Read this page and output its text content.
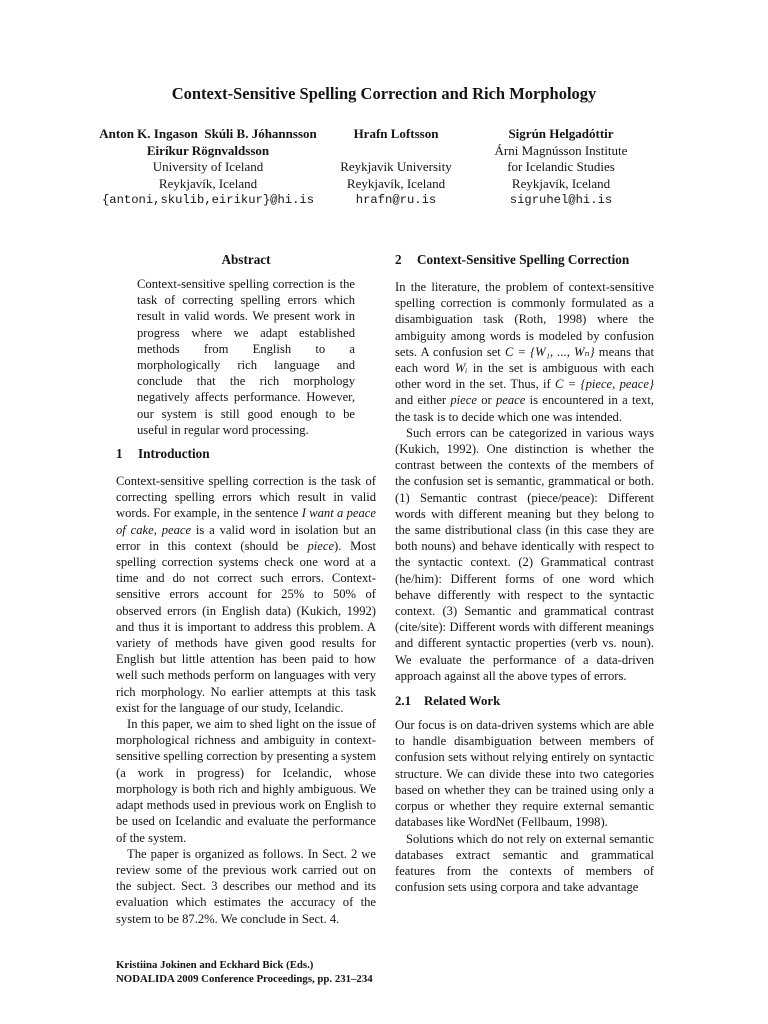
Context-Sensitive Spelling Correction and Rich Morphology
Anton K. Ingason  Skúli B. Jóhannsson
Eiríkur Rögnvaldsson
University of Iceland
Reykjavík, Iceland
{antoni,skulib,eirikur}@hi.is
Hrafn Loftsson
Reykjavik University
Reykjavík, Iceland
hrafn@ru.is
Sigrún Helgadóttir
Árni Magnússon Institute
for Icelandic Studies
Reykjavík, Iceland
sigruhel@hi.is
Abstract

Context-sensitive spelling correction is the task of correcting spelling errors which result in valid words. We present work in progress where we adapt established methods from English to a morphologically rich language and conclude that the rich morphology negatively affects performance. However, our system is still good enough to be useful in regular word processing.

1 Introduction

Context-sensitive spelling correction is the task of correcting spelling errors which result in valid words. For example, in the sentence I want a peace of cake, peace is a valid word in isolation but an error in this context (should be piece). Most spelling correction systems check one word at a time and do not correct such errors. Context-sensitive errors account for 25% to 50% of observed errors (in English data) (Kukich, 1992) and thus it is important to address this problem. A variety of methods have given good results for English but little attention has been paid to how well such methods perform on languages with very rich morphology. No earlier attempts at this task exist for the language of our study, Icelandic.

In this paper, we aim to shed light on the issue of morphological richness and ambiguity in context-sensitive spelling correction by presenting a system (a work in progress) for Icelandic, whose morphology is both rich and highly ambiguous. We adapt methods used in previous work on English to be used on Icelandic and evaluate the performance of the system.

The paper is organized as follows. In Sect. 2 we review some of the previous work carried out on the subject. Sect. 3 describes our method and its evaluation which estimates the accuracy of the system to be 87.2%. We conclude in Sect. 4.

2 Context-Sensitive Spelling Correction

In the literature, the problem of context-sensitive spelling correction is commonly formulated as a disambiguation task (Roth, 1998) where the ambiguity among words is modeled by confusion sets. A confusion set C = {W₁, ..., Wₙ} means that each word Wᵢ in the set is ambiguous with each other word in the set. Thus, if C = {piece, peace} and either piece or peace is encountered in a text, the task is to decide which one was intended.

Such errors can be categorized in various ways (Kukich, 1992). One distinction is whether the contrast between the contexts of the members of the confusion set is semantic, grammatical or both. (1) Semantic contrast (piece/peace): Different words with different meaning but they belong to the same distributional class (in this case they are both nouns) and behave identically with respect to the syntactic context. (2) Grammatical contrast (he/him): Different forms of one word which behave differently with respect to the syntactic context. (3) Semantic and grammatical contrast (cite/site): Different words with different meanings and different syntactic properties (verb vs. noun). We evaluate the performance of a data-driven approach against all the above types of errors.

2.1 Related Work

Our focus is on data-driven systems which are able to handle disambiguation between members of confusion sets without relying entirely on syntactic structure. We can divide these into two categories based on whether they can be trained using only a corpus or whether they require external semantic databases like WordNet (Fellbaum, 1998).

Solutions which do not rely on external semantic databases extract semantic and grammatical features from the contexts of members of confusion sets using corpora and take advantage

Kristiina Jokinen and Eckhard Bick (Eds.)
NODALIDA 2009 Conference Proceedings, pp. 231–234
